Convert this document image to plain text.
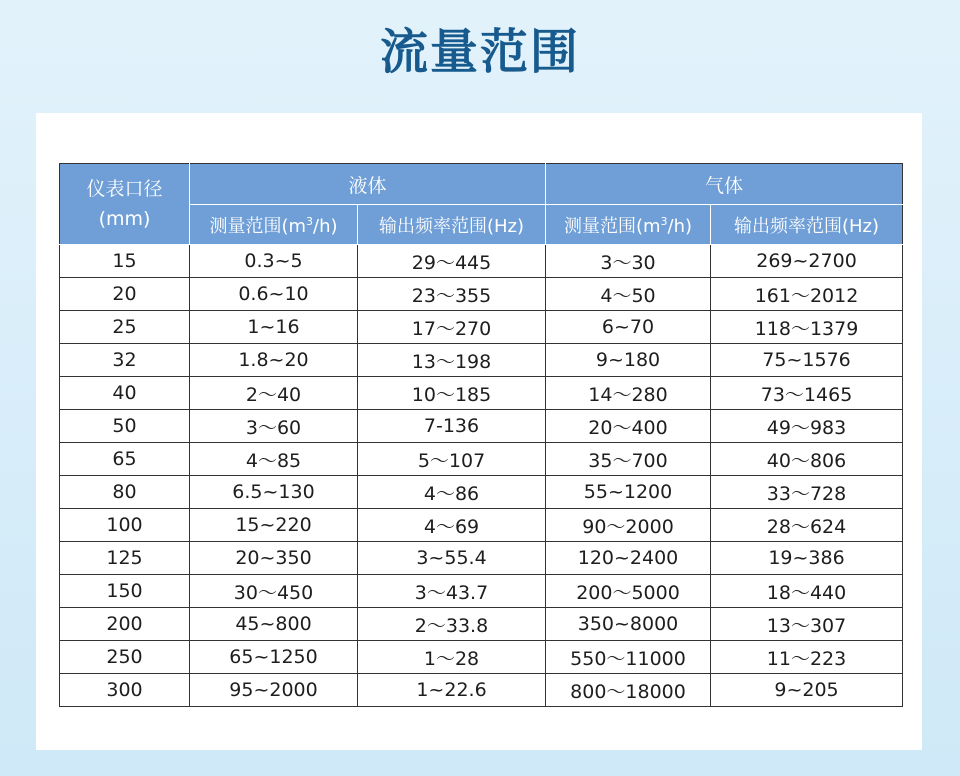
流量范围
仪表口径
(mm)	液体		气体	
	测量范围$(m^3/h)$	输出频率范围(Hz)	测量范围$(m^3/h)$	输出频率范围(Hz)
15	0.3~5	29～445	3～30	269~2700
20	0.6~10	23～355	4～50	161～2012
25	1~16	17～270	6~70	118～1379
32	1.8~20	13～198	9~180	75~1576
40	2～40	10～185	14～280	73～1465
50	3～60	7-136	20～400	49～983
65	4～85	5～107	35～700	40～806
80	6.5~130	4～86	55~1200	33～728
100	15~220	4～69	90～2000	28～624
125	20~350	3~55.4	120~2400	19~386
150	30～450	3～43.7	200～5000	18～440
200	45~800	2～33.8	350~8000	13～307
250	65~1250	1～28	550～11000	11～223
300	95~2000	1~22.6	800～18000	9~205
